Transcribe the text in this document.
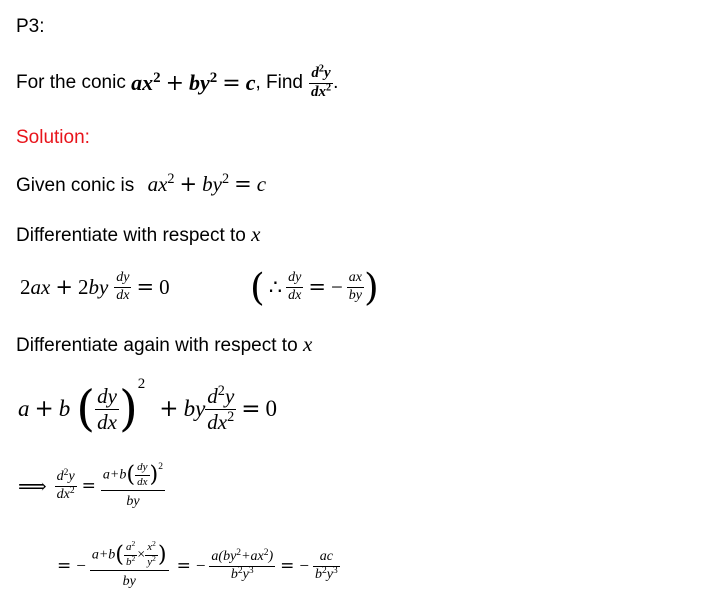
P3:
For the conic $ax^2 + by^2 = c$ , Find $\frac{d^2y}{dx^2}$ .
Solution:
Given conic is $ax^2 + by^2 = c$
Differentiate with respect to x
2 ax + 2 by $\frac{dy}{dx} = 0$ ( ∴ $\frac{dy}{dx}$ = − $\frac{ax}{by}$ )
Differentiate again with respect to x
a + b ( $\frac{dy}{dx}$ ) 2
+ by $\frac{d^2y}{dx^2} = 0$
⟹ $\frac{d^2y}{dx^2} = \frac{a+b( \frac{dy}{dx} )^2}{by}$
= − $\frac{a+b( \frac{a^2}{b^2} \times \frac{x^2}{y^2} )}{by}$ = − $\frac{a(by^2+ax^2)}{b^2y^3}$ = − $\frac{ac}{b^2y^3}$
